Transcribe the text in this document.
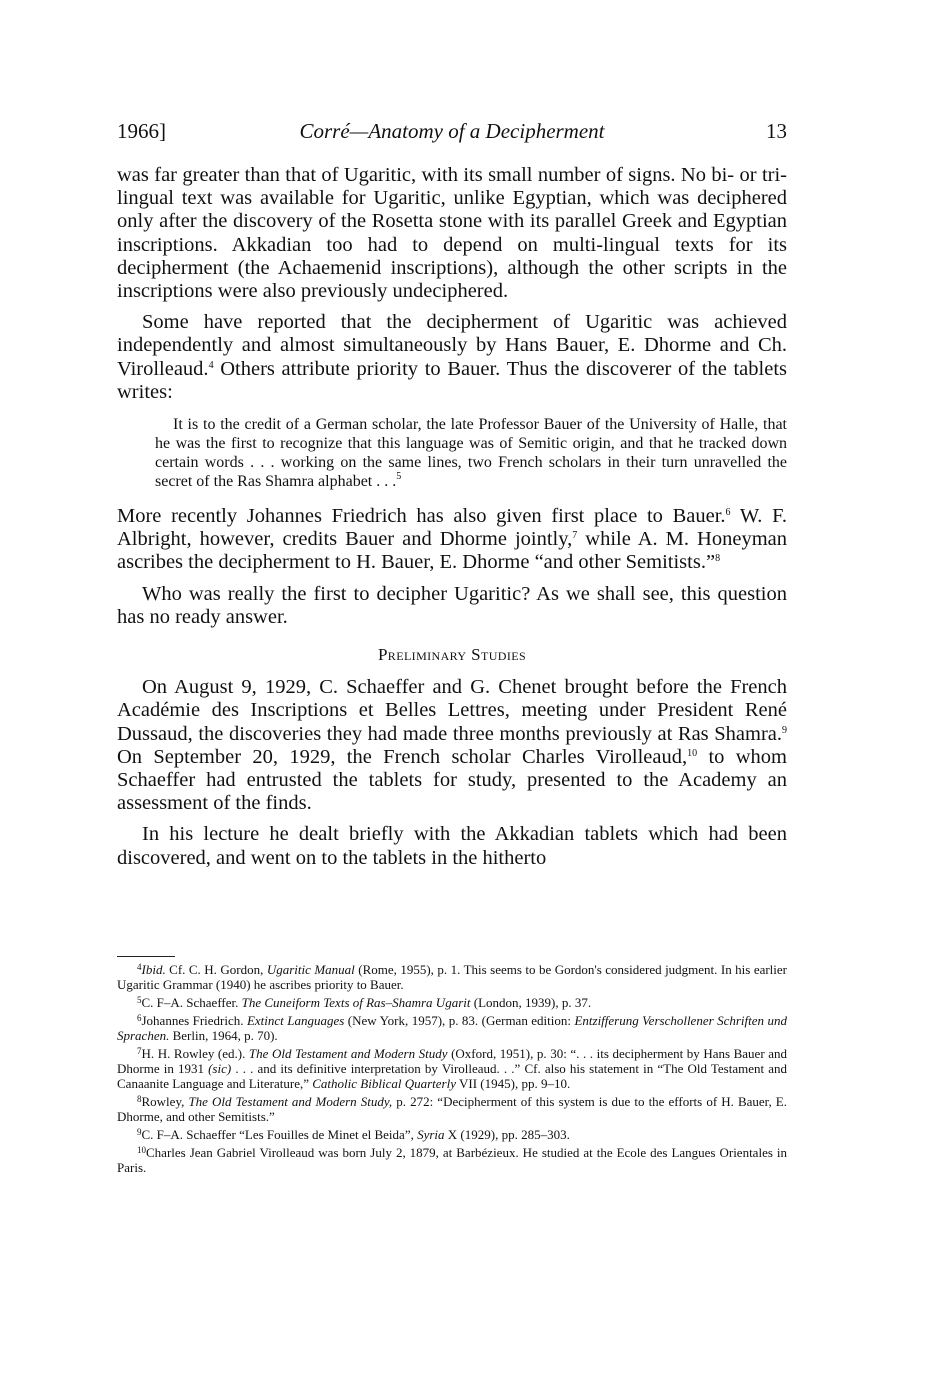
1966]	Corré—Anatomy of a Decipherment	13

was far greater than that of Ugaritic, with its small number of signs. No bi- or tri-lingual text was available for Ugaritic, unlike Egyptian, which was deciphered only after the discovery of the Rosetta stone with its parallel Greek and Egyptian inscriptions. Akkadian too had to depend on multi-lingual texts for its decipherment (the Achaemenid inscriptions), although the other scripts in the inscriptions were also previously undeciphered.

Some have reported that the decipherment of Ugaritic was achieved independently and almost simultaneously by Hans Bauer, E. Dhorme and Ch. Virolleaud.$^4$ Others attribute priority to Bauer. Thus the discoverer of the tablets writes:

It is to the credit of a German scholar, the late Professor Bauer of the University of Halle, that he was the first to recognize that this language was of Semitic origin, and that he tracked down certain words . . . working on the same lines, two French scholars in their turn unravelled the secret of the Ras Shamra alphabet . . .$^5$

More recently Johannes Friedrich has also given first place to Bauer.$^6$ W. F. Albright, however, credits Bauer and Dhorme jointly,$^7$ while A. M. Honeyman ascribes the decipherment to H. Bauer, E. Dhorme “and other Semitists.”$^8$

Who was really the first to decipher Ugaritic? As we shall see, this question has no ready answer.

Preliminary Studies

On August 9, 1929, C. Schaeffer and G. Chenet brought before the French Académie des Inscriptions et Belles Lettres, meeting under President René Dussaud, the discoveries they had made three months previously at Ras Shamra.$^9$ On September 20, 1929, the French scholar Charles Virolleaud,$^{10}$ to whom Schaeffer had entrusted the tablets for study, presented to the Academy an assessment of the finds.

In his lecture he dealt briefly with the Akkadian tablets which had been discovered, and went on to the tablets in the hitherto

$^4$Ibid. Cf. C. H. Gordon, Ugaritic Manual (Rome, 1955), p. 1. This seems to be Gordon's considered judgment. In his earlier Ugaritic Grammar (1940) he ascribes priority to Bauer.

$^5$C. F–A. Schaeffer. The Cuneiform Texts of Ras–Shamra Ugarit (London, 1939), p. 37.

$^6$Johannes Friedrich. Extinct Languages (New York, 1957), p. 83. (German edition: Entzifferung Verschollener Schriften und Sprachen. Berlin, 1964, p. 70).

$^7$H. H. Rowley (ed.). The Old Testament and Modern Study (Oxford, 1951), p. 30: “. . . its decipherment by Hans Bauer and Dhorme in 1931 (sic) . . . and its definitive interpretation by Virolleaud. . .” Cf. also his statement in “The Old Testament and Canaanite Language and Literature,” Catholic Biblical Quarterly VII (1945), pp. 9–10.

$^8$Rowley, The Old Testament and Modern Study, p. 272: “Decipherment of this system is due to the efforts of H. Bauer, E. Dhorme, and other Semitists.”

$^9$C. F–A. Schaeffer “Les Fouilles de Minet el Beida”, Syria X (1929), pp. 285–303.

$^{10}$Charles Jean Gabriel Virolleaud was born July 2, 1879, at Barbézieux. He studied at the Ecole des Langues Orientales in Paris.
